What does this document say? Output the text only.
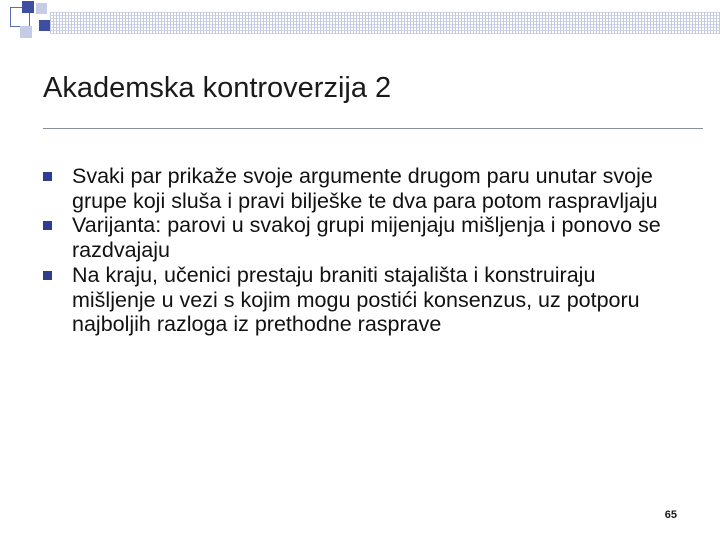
Akademska kontroverzija 2
Svaki par prikaže svoje argumente drugom paru unutar svoje grupe koji sluša i pravi bilješke te dva para potom raspravljaju
Varijanta: parovi u svakoj grupi mijenjaju mišljenja i ponovo se razdvajaju
Na kraju, učenici prestaju braniti stajališta i konstruiraju mišljenje u vezi s kojim mogu postići konsenzus, uz potporu najboljih razloga iz prethodne rasprave
65
